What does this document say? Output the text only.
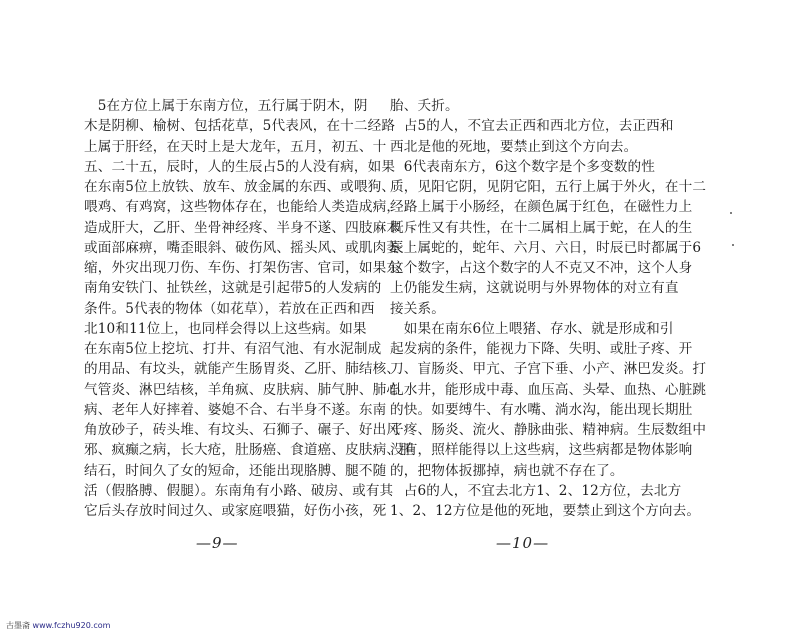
　5在方位上属于东南方位，五行属于阴木，阴
木是阴柳、榆树、包括花草，5代表风，在十二经路
上属于肝经，在天时上是大龙年，五月，初五、十
五、二十五，辰时，人的生辰占5的人没有病，如果
在东南5位上放铁、放车、放金属的东西、或喂狗、
喂鸡、有鸡窝，这些物体存在，也能给人类造成病，
造成肝大，乙肝、坐骨神经疼、半身不遂、四肢麻木
或面部麻痹，嘴歪眼斜、破伤风、摇头风、或肌肉萎
缩，外灾出现刀伤、车伤、打架伤害、官司，如果东
南角安铁门、扯铁丝，这就是引起带5的人发病的
条件。5代表的物体（如花草），若放在正西和西
北10和11位上，也同样会得以上这些病。如果
在东南5位上挖坑、打井、有沼气池、有水泥制成
的用品、有坟头，就能产生肠胃炎、乙肝、肺结核、
气管炎、淋巴结核，羊角疯、皮肤病、肺气肿、肺心
病、老年人好摔着、婆媳不合、右半身不遂。东南
角放砂子，砖头堆、有坟头、石狮子、碾子、好出风
邪、疯癫之病，长大疮，肚肠癌、食道癌、皮肤病、胆
结石，时间久了女的短命，还能出现胳膊、腿不随
活（假胳膊、假腿）。东南角有小路、破房、或有其
它后头存放时间过久、或家庭喂猫，好伤小孩，死
胎、夭折。
　占5的人，不宜去正西和西北方位，去正西和
西北是他的死地，要禁止到这个方向去。
　6代表南东方，6这个数字是个多变数的性
质，见阳它阴，见阴它阳，五行上属于外火，在十二
经路上属于小肠经，在颜色属于红色，在磁性力上
既斥性又有共性，在十二属相上属于蛇，在人的生
辰上属蛇的，蛇年、六月、六日，时辰已时都属于6
这个数字，占这个数字的人不克又不冲，这个人身
上仍能发生病，这就说明与外界物体的对立有直
接关系。
　如果在南东6位上喂猪、存水、就是形成和引
起发病的条件，能视力下降、失明、或肚子疼、开
刀、盲肠炎、甲亢、子宫下垂、小产、淋巴发炎。打
轧水井，能形成中毒、血压高、头晕、血热、心脏跳
的快。如要缚牛、有水嘴、淌水沟，能出现长期肚
子疼、肠炎、流火、静脉曲张、精神病。生辰数组中
没有，照样能得以上这些病，这些病都是物体影响
的，把物体扳挪掉，病也就不存在了。
　占6的人，不宜去北方1、2、12方位，去北方
1、2、12方位是他的死地，要禁止到这个方向去。
—9—	—10—
古墨斋 www.fczhu920.com
